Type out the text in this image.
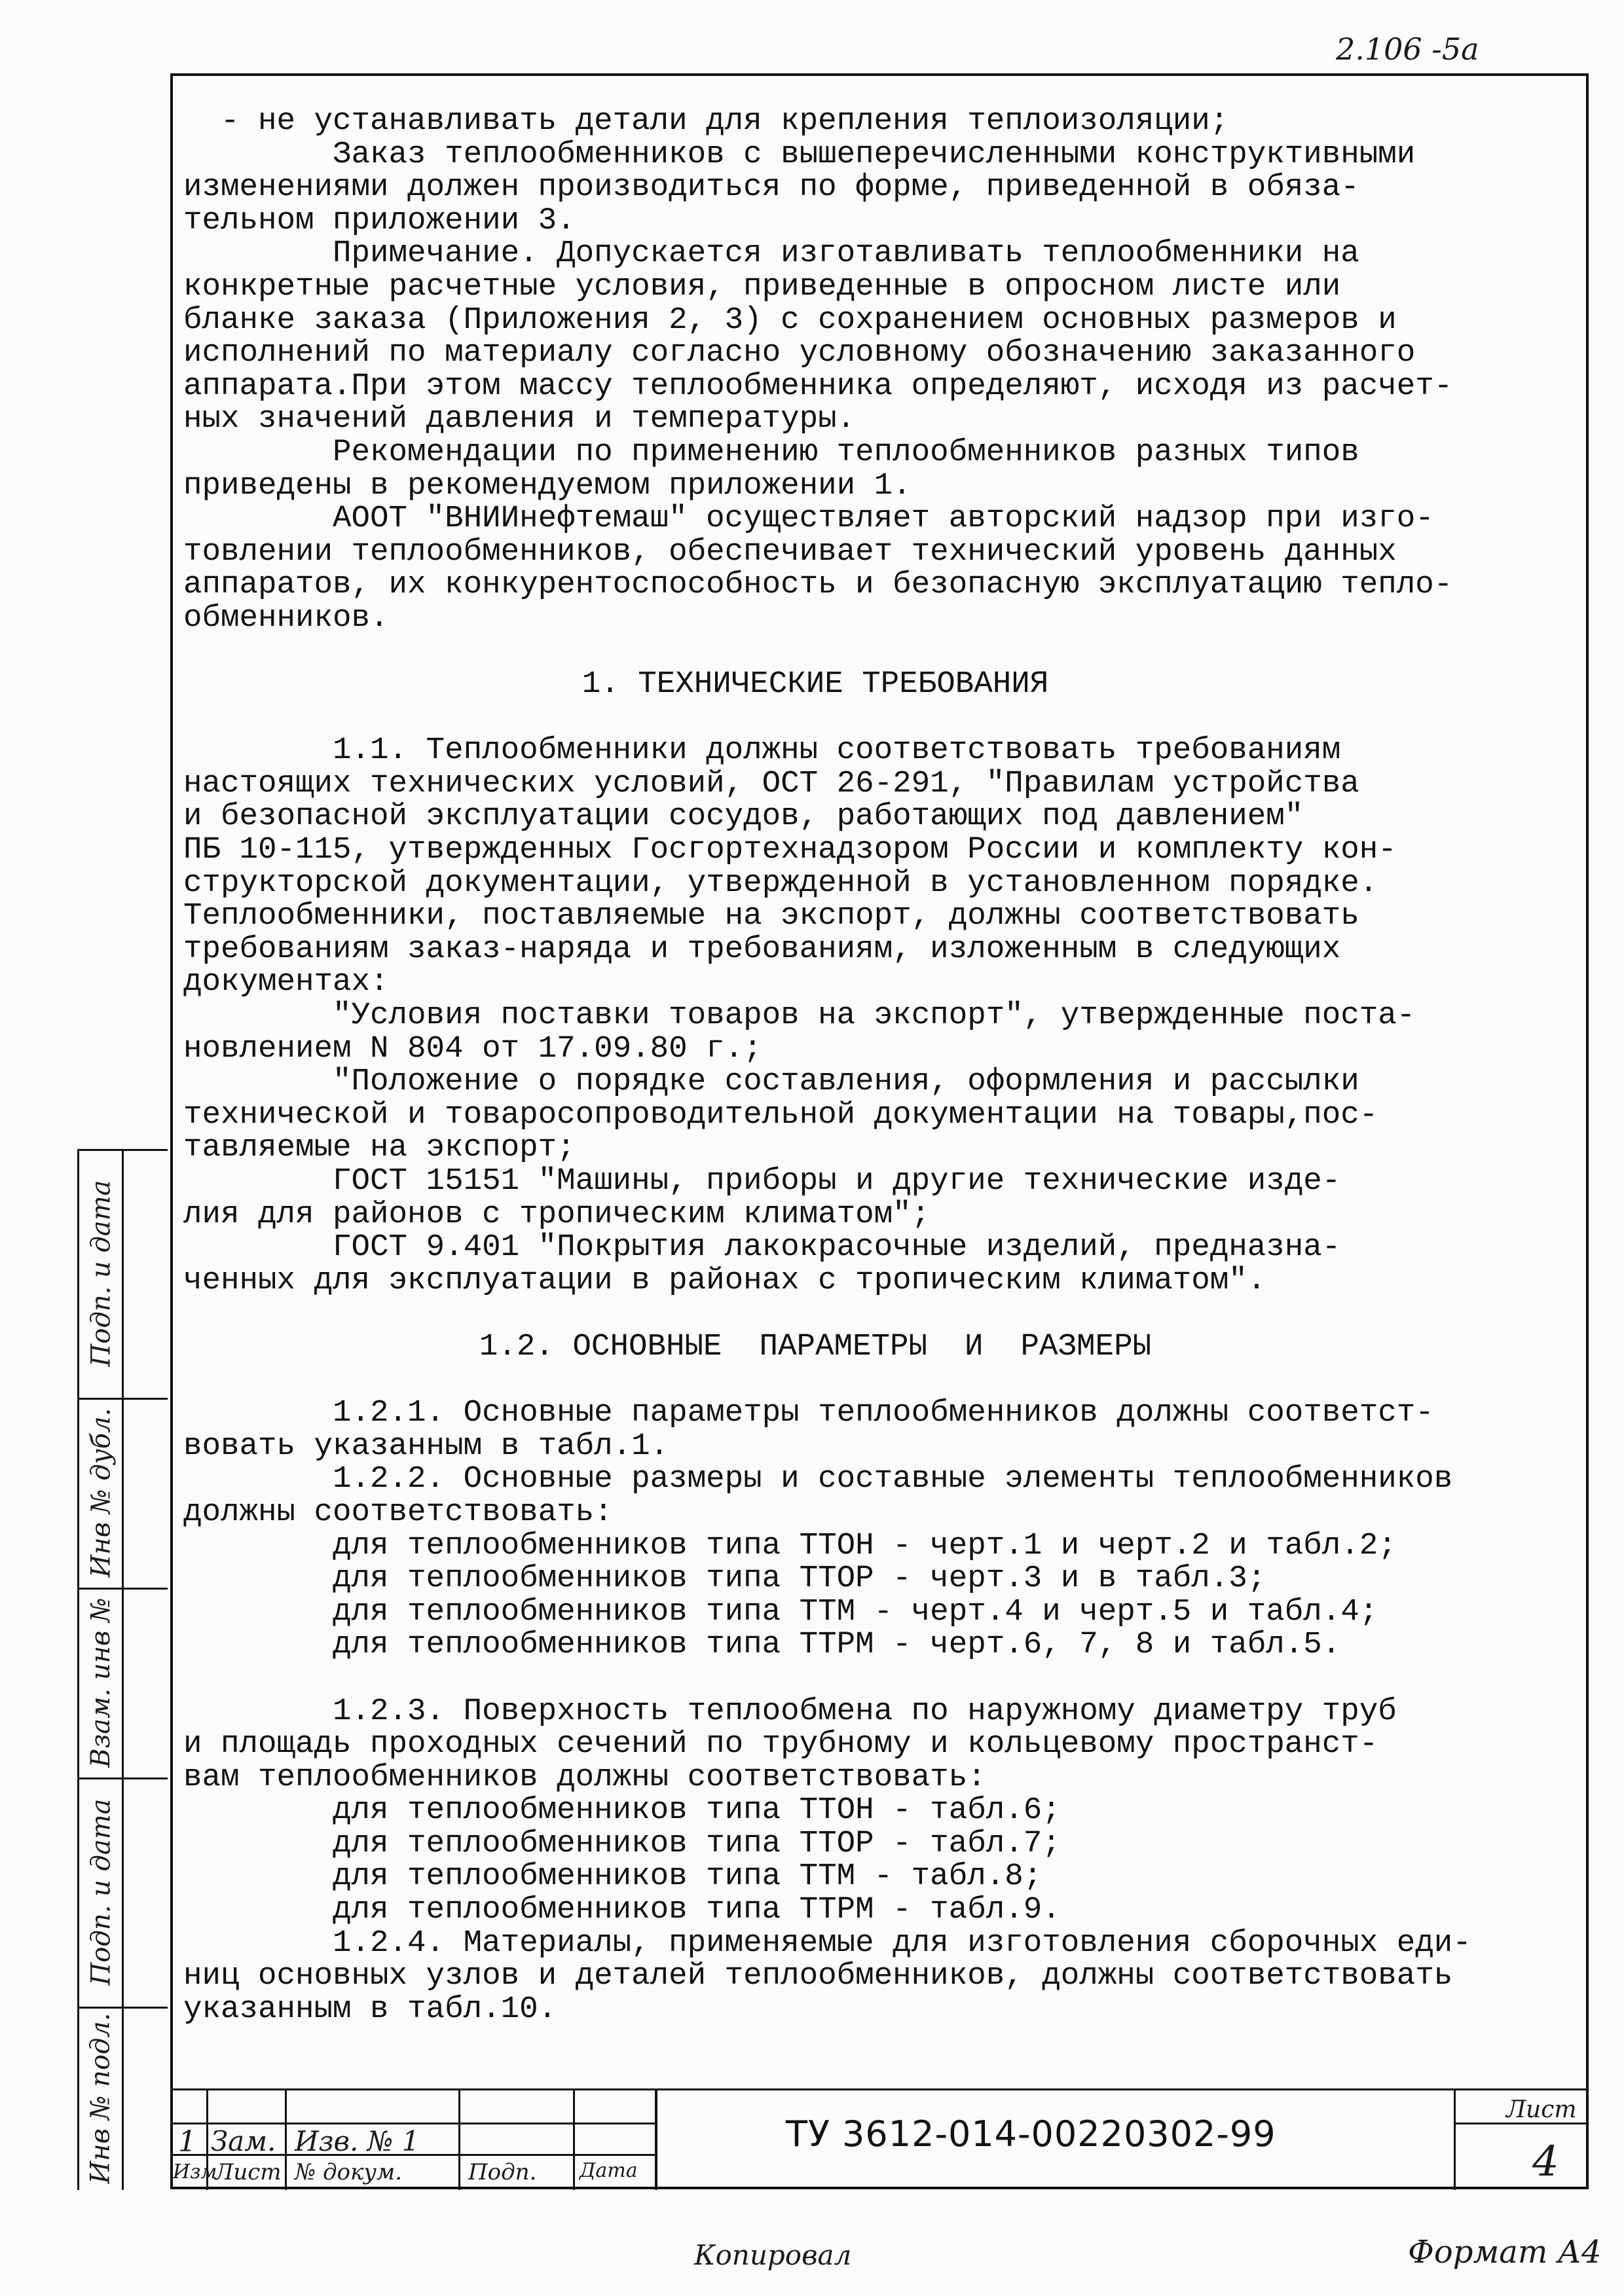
2.106 -5a
- не устанавливать детали для крепления теплоизоляции;
Заказ теплообменников с вышеперечисленными конструктивными
изменениями должен производиться по форме, приведенной в обяза-
тельном приложении 3.
Примечание. Допускается изготавливать теплообменники на
конкретные расчетные условия, приведенные в опросном листе или
бланке заказа (Приложения 2, 3) с сохранением основных размеров и
исполнений по материалу согласно условному обозначению заказанного
аппарата.При этом массу теплообменника определяют, исходя из расчет-
ных значений давления и температуры.
Рекомендации по применению теплообменников разных типов
приведены в рекомендуемом приложении 1.
АООТ "ВНИИнефтемаш" осуществляет авторский надзор при изго-
товлении теплообменников, обеспечивает технический уровень данных
аппаратов, их конкурентоспособность и безопасную эксплуатацию тепло-
обменников.
1. ТЕХНИЧЕСКИЕ ТРЕБОВАНИЯ
1.1. Теплообменники должны соответствовать требованиям
настоящих технических условий, ОСТ 26-291, "Правилам устройства
и безопасной эксплуатации сосудов, работающих под давлением"
ПБ 10-115, утвержденных Госгортехнадзором России и комплекту кон-
структорской документации, утвержденной в установленном порядке.
Теплообменники, поставляемые на экспорт, должны соответствовать
требованиям заказ-наряда и требованиям, изложенным в следующих
документах:
"Условия поставки товаров на экспорт", утвержденные поста-
новлением N 804 от 17.09.80 г.;
"Положение о порядке составления, оформления и рассылки
технической и товаросопроводительной документации на товары,пос-
тавляемые на экспорт;
ГОСТ 15151 "Машины, приборы и другие технические изде-
лия для районов с тропическим климатом";
ГОСТ 9.401 "Покрытия лакокрасочные изделий, предназна-
ченных для эксплуатации в районах с тропическим климатом".
1.2. ОСНОВНЫЕ  ПАРАМЕТРЫ  И  РАЗМЕРЫ
1.2.1. Основные параметры теплообменников должны соответст-
вовать указанным в табл.1.
1.2.2. Основные размеры и составные элементы теплообменников
должны соответствовать:
для теплообменников типа ТТОН - черт.1 и черт.2 и табл.2;
для теплообменников типа ТТОР - черт.3 и в табл.3;
для теплообменников типа ТТМ - черт.4 и черт.5 и табл.4;
для теплообменников типа ТТРМ - черт.6, 7, 8 и табл.5.
1.2.3. Поверхность теплообмена по наружному диаметру труб
и площадь проходных сечений по трубному и кольцевому пространст-
вам теплообменников должны соответствовать:
для теплообменников типа ТТОН - табл.6;
для теплообменников типа ТТОР - табл.7;
для теплообменников типа ТТМ - табл.8;
для теплообменников типа ТТРМ - табл.9.
1.2.4. Материалы, применяемые для изготовления сборочных еди-
ниц основных узлов и деталей теплообменников, должны соответствовать
указанным в табл.10.
Подп. и дата
Инв № дубл.
Взам. инв №
Подп. и дата
Инв № подл. 1 Зам. Изв. № 1
Изм
Лист № докум.	Подп. Дата
ТУ 3612-014-00220302-99
Лист
4
Копировал	Формат А4
